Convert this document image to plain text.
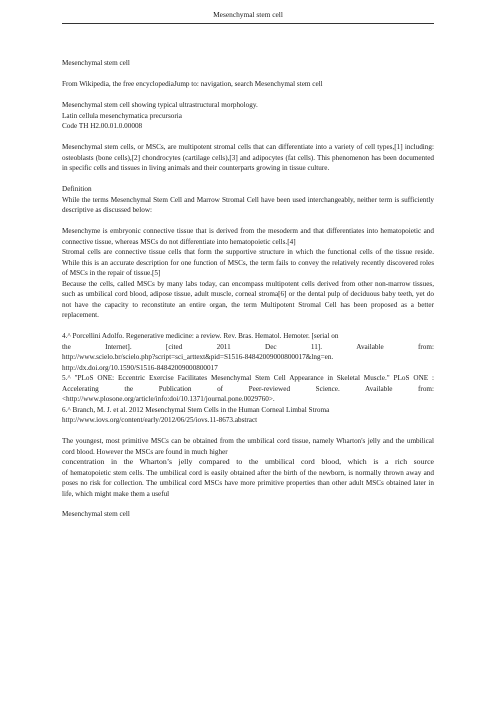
Mesenchymal stem cell

Mesenchymal stem cell

From Wikipedia, the free encyclopediaJump to: navigation, search Mesenchymal stem cell

Mesenchymal stem cell showing typical ultrastructural morphology.

Latin cellula mesenchymatica precursoria

Code TH H2.00.01.0.00008

Mesenchymal stem cells, or MSCs, are multipotent stromal cells that can differentiate into a variety of cell types,[1] including: osteoblasts (bone cells),[2] chondrocytes (cartilage cells),[3] and adipocytes (fat cells). This phenomenon has been documented in specific cells and tissues in living animals and their counterparts growing in tissue culture.

Definition

While the terms Mesenchymal Stem Cell and Marrow Stromal Cell have been used interchangeably, neither term is sufficiently descriptive as discussed below:

Mesenchyme is embryonic connective tissue that is derived from the mesoderm and that differentiates into hematopoietic and connective tissue, whereas MSCs do not differentiate into hematopoietic cells.[4]

Stromal cells are connective tissue cells that form the supportive structure in which the functional cells of the tissue reside. While this is an accurate description for one function of MSCs, the term fails to convey the relatively recently discovered roles of MSCs in the repair of tissue.[5]

Because the cells, called MSCs by many labs today, can encompass multipotent cells derived from other non-marrow tissues, such as umbilical cord blood, adipose tissue, adult muscle, corneal stroma[6] or the dental pulp of deciduous baby teeth, yet do not have the capacity to reconstitute an entire organ, the term Multipotent Stromal Cell has been proposed as a better replacement.

4.^ Porcellini Adolfo. Regenerative medicine: a review. Rev. Bras. Hematol. Hemoter. [serial on

the	Internet].	[cited	2011	Dec	11].	Available	from:

http://www.scielo.br/scielo.php?script=sci_arttext&pid=S1516-84842009000800017&lng=en.

http://dx.doi.org/10.1590/S1516-84842009000800017

5.^ "PLoS ONE: Eccentric Exercise Facilitates Mesenchymal Stem Cell Appearance in Skeletal Muscle." PLoS ONE : Accelerating the Publication of Peer-reviewed Science. Available from: <http://www.plosone.org/article/info:doi/10.1371/journal.pone.0029760>.

6.^ Branch, M. J. et al. 2012 Mesenchymal Stem Cells in the Human Corneal Limbal Stroma

http://www.iovs.org/content/early/2012/06/25/iovs.11-8673.abstract

The youngest, most primitive MSCs can be obtained from the umbilical cord tissue, namely Wharton's jelly and the umbilical cord blood. However the MSCs are found in much higher

concentration in the Wharton’s jelly compared to the umbilical cord blood, which is a rich source

of hematopoietic stem cells. The umbilical cord is easily obtained after the birth of the newborn, is normally thrown away and poses no risk for collection. The umbilical cord MSCs have more primitive properties than other adult MSCs obtained later in life, which might make them a useful

Mesenchymal stem cell
